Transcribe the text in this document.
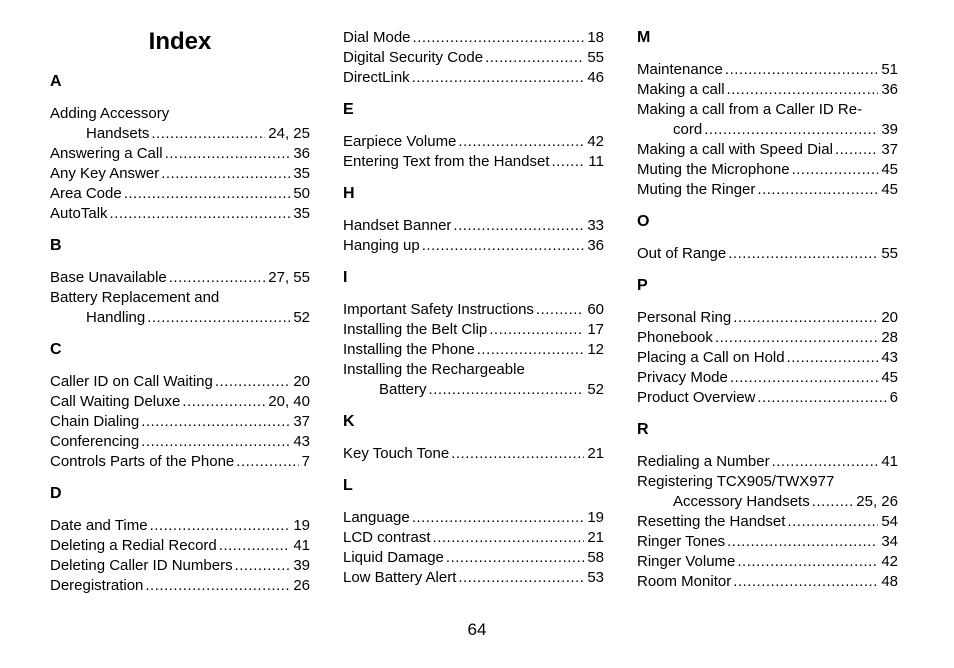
Index
A
Adding Accessory
Handsets .....	24, 25
Answering a Call .....	36
Any Key Answer .....	35
Area Code .....	50
AutoTalk .....	35
B
Base Unavailable .....	27, 55
Battery Replacement and
Handling .....	52
C
Caller ID on Call Waiting .....	20
Call Waiting Deluxe .....	20, 40
Chain Dialing .....	37
Conferencing .....	43
Controls Parts of the Phone .....	7
D
Date and Time .....	19
Deleting a Redial Record .....	41
Deleting Caller ID Numbers .....	39
Deregistration .....	26
Dial Mode .....	18
Digital Security Code .....	55
DirectLink .....	46
E
Earpiece Volume .....	42
Entering Text from the Handset .....	11
H
Handset Banner .....	33
Hanging up .....	36
I
Important Safety Instructions .....	60
Installing the Belt Clip .....	17
Installing the Phone .....	12
Installing the Rechargeable
Battery .....	52
K
Key Touch Tone .....	21
L
Language .....	19
LCD contrast .....	21
Liquid Damage .....	58
Low Battery Alert .....	53
M
Maintenance .....	51
Making a call .....	36
Making a call from a Caller ID Re-
cord .....	39
Making a call with Speed Dial .....	37
Muting the Microphone .....	45
Muting the Ringer .....	45
O
Out of Range .....	55
P
Personal Ring .....	20
Phonebook .....	28
Placing a Call on Hold .....	43
Privacy Mode .....	45
Product Overview .....	6
R
Redialing a Number .....	41
Registering TCX905/TWX977
Accessory Handsets .....	25, 26
Resetting the Handset .....	54
Ringer Tones .....	34
Ringer Volume .....	42
Room Monitor .....	48
64
